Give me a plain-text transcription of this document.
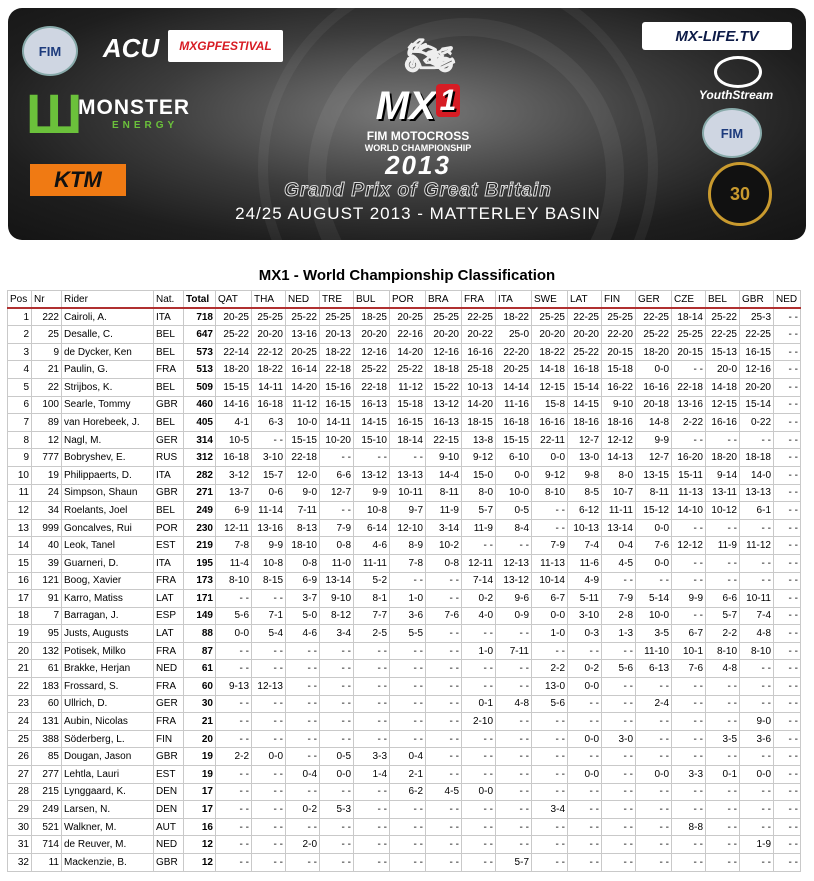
FIM	ACU	MXGPFESTIVAL
Ш
MONSTER
ENERGY
KTM
MX-LIFE.TV
YouthStream
FIM
30
🏍
MX $^1$
FIM MOTOCROSS
WORLD CHAMPIONSHIP
2013
Grand Prix of Great Britain
24/25 AUGUST 2013 - MATTERLEY BASIN
MX1 - World Championship Classification
Pos	Nr	Rider	Nat.	Total	QAT	THA	NED	TRE	BUL	POR	BRA	FRA	ITA	SWE	LAT	FIN	GER	CZE	BEL	GBR	NED
1	222	Cairoli, A.	ITA	718	20-25	25-25	25-22	25-25	18-25	20-25	25-25	22-25	18-22	25-25	22-25	25-25	22-25	18-14	25-22	25-3	- -
2	25	Desalle, C.	BEL	647	25-22	20-20	13-16	20-13	20-20	22-16	20-20	20-22	25-0	20-20	20-20	22-20	25-22	25-25	22-25	22-25	- -
3	9	de Dycker, Ken	BEL	573	22-14	22-12	20-25	18-22	12-16	14-20	12-16	16-16	22-20	18-22	25-22	20-15	18-20	20-15	15-13	16-15	- -
4	21	Paulin, G.	FRA	513	18-20	18-22	16-14	22-18	25-22	25-22	18-18	25-18	20-25	14-18	16-18	15-18	0-0	- -	20-0	12-16	- -
5	22	Strijbos, K.	BEL	509	15-15	14-11	14-20	15-16	22-18	11-12	15-22	10-13	14-14	12-15	15-14	16-22	16-16	22-18	14-18	20-20	- -
6	100	Searle, Tommy	GBR	460	14-16	16-18	11-12	16-15	16-13	15-18	13-12	14-20	11-16	15-8	14-15	9-10	20-18	13-16	12-15	15-14	- -
7	89	van Horebeek, J.	BEL	405	4-1	6-3	10-0	14-11	14-15	16-15	16-13	18-15	16-18	16-16	18-16	18-16	14-8	2-22	16-16	0-22	- -
8	12	Nagl, M.	GER	314	10-5	- -	15-15	10-20	15-10	18-14	22-15	13-8	15-15	22-11	12-7	12-12	9-9	- -	- -	- -	- -
9	777	Bobryshev, E.	RUS	312	16-18	3-10	22-18	- -	- -	- -	9-10	9-12	6-10	0-0	13-0	14-13	12-7	16-20	18-20	18-18	- -
10	19	Philippaerts, D.	ITA	282	3-12	15-7	12-0	6-6	13-12	13-13	14-4	15-0	0-0	9-12	9-8	8-0	13-15	15-11	9-14	14-0	- -
11	24	Simpson, Shaun	GBR	271	13-7	0-6	9-0	12-7	9-9	10-11	8-11	8-0	10-0	8-10	8-5	10-7	8-11	11-13	13-11	13-13	- -
12	34	Roelants, Joel	BEL	249	6-9	11-14	7-11	- -	10-8	9-7	11-9	5-7	0-5	- -	6-12	11-11	15-12	14-10	10-12	6-1	- -
13	999	Goncalves, Rui	POR	230	12-11	13-16	8-13	7-9	6-14	12-10	3-14	11-9	8-4	- -	10-13	13-14	0-0	- -	- -	- -	- -
14	40	Leok, Tanel	EST	219	7-8	9-9	18-10	0-8	4-6	8-9	10-2	- -	- -	7-9	7-4	0-4	7-6	12-12	11-9	11-12	- -
15	39	Guarneri, D.	ITA	195	11-4	10-8	0-8	11-0	11-11	7-8	0-8	12-11	12-13	11-13	11-6	4-5	0-0	- -	- -	- -	- -
16	121	Boog, Xavier	FRA	173	8-10	8-15	6-9	13-14	5-2	- -	- -	7-14	13-12	10-14	4-9	- -	- -	- -	- -	- -	- -
17	91	Karro, Matiss	LAT	171	- -	- -	3-7	9-10	8-1	1-0	- -	0-2	9-6	6-7	5-11	7-9	5-14	9-9	6-6	10-11	- -
18	7	Barragan, J.	ESP	149	5-6	7-1	5-0	8-12	7-7	3-6	7-6	4-0	0-9	0-0	3-10	2-8	10-0	- -	5-7	7-4	- -
19	95	Justs, Augusts	LAT	88	0-0	5-4	4-6	3-4	2-5	5-5	- -	- -	- -	1-0	0-3	1-3	3-5	6-7	2-2	4-8	- -
20	132	Potisek, Milko	FRA	87	- -	- -	- -	- -	- -	- -	- -	1-0	7-11	- -	- -	- -	11-10	10-1	8-10	8-10	- -
21	61	Brakke, Herjan	NED	61	- -	- -	- -	- -	- -	- -	- -	- -	- -	2-2	0-2	5-6	6-13	7-6	4-8	- -	- -
22	183	Frossard, S.	FRA	60	9-13	12-13	- -	- -	- -	- -	- -	- -	- -	13-0	0-0	- -	- -	- -	- -	- -	- -
23	60	Ullrich, D.	GER	30	- -	- -	- -	- -	- -	- -	- -	0-1	4-8	5-6	- -	- -	2-4	- -	- -	- -	- -
24	131	Aubin, Nicolas	FRA	21	- -	- -	- -	- -	- -	- -	- -	2-10	- -	- -	- -	- -	- -	- -	- -	9-0	- -
25	388	Söderberg, L.	FIN	20	- -	- -	- -	- -	- -	- -	- -	- -	- -	- -	0-0	3-0	- -	- -	3-5	3-6	- -
26	85	Dougan, Jason	GBR	19	2-2	0-0	- -	0-5	3-3	0-4	- -	- -	- -	- -	- -	- -	- -	- -	- -	- -	- -
27	277	Lehtla, Lauri	EST	19	- -	- -	0-4	0-0	1-4	2-1	- -	- -	- -	- -	0-0	- -	0-0	3-3	0-1	0-0	- -
28	215	Lynggaard, K.	DEN	17	- -	- -	- -	- -	- -	6-2	4-5	0-0	- -	- -	- -	- -	- -	- -	- -	- -	- -
29	249	Larsen, N.	DEN	17	- -	- -	0-2	5-3	- -	- -	- -	- -	- -	3-4	- -	- -	- -	- -	- -	- -	- -
30	521	Walkner, M.	AUT	16	- -	- -	- -	- -	- -	- -	- -	- -	- -	- -	- -	- -	- -	8-8	- -	- -	- -
31	714	de Reuver, M.	NED	12	- -	- -	2-0	- -	- -	- -	- -	- -	- -	- -	- -	- -	- -	- -	- -	1-9	- -
32	11	Mackenzie, B.	GBR	12	- -	- -	- -	- -	- -	- -	- -	- -	5-7	- -	- -	- -	- -	- -	- -	- -	- -
